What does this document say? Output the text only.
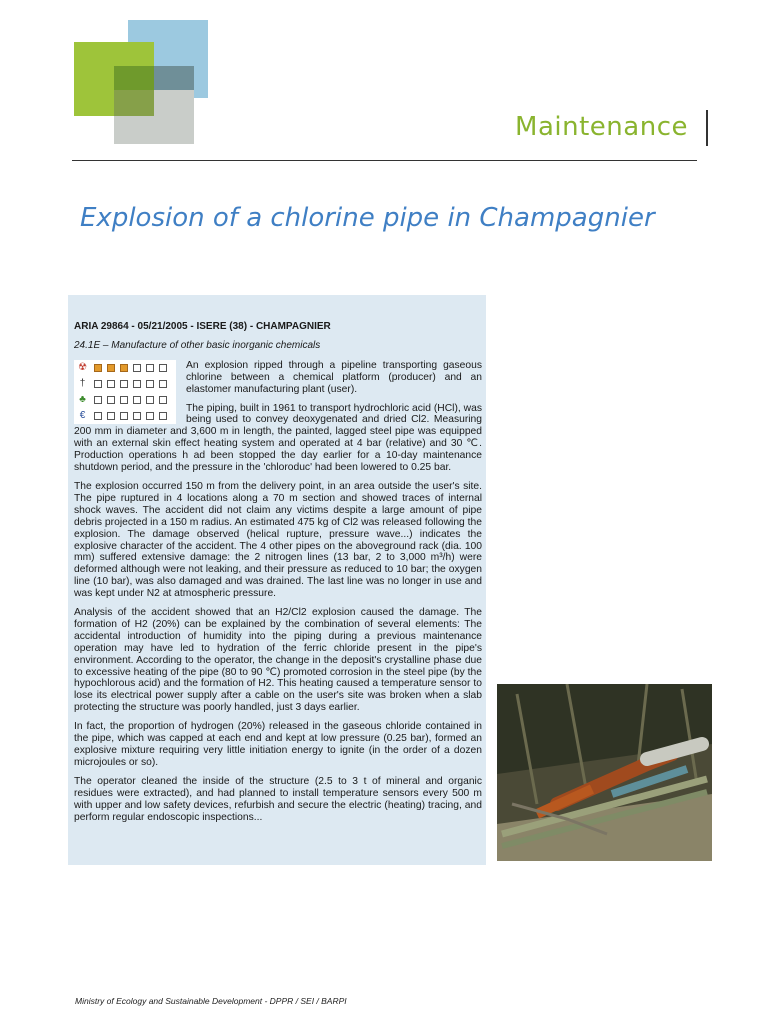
Maintenance
Explosion of a chlorine pipe in Champagnier
ARIA 29864 - 05/21/2005 - ISERE (38) - CHAMPAGNIER
24.1E – Manufacture of other basic inorganic chemicals
☢
†
♣
€

An explosion ripped through a pipeline transporting gaseous chlorine between a chemical platform (producer) and an elastomer manufacturing plant (user).

The piping, built in 1961 to transport hydrochloric acid (HCl), was being used to convey deoxygenated and dried Cl2. Measuring 200 mm in diameter and 3,600 m in length, the painted, lagged steel pipe was equipped with an external skin effect heating system and operated at 4 bar (relative) and 30 ℃. Production operations h ad been stopped the day earlier for a 10-day maintenance shutdown period, and the pressure in the 'chloroduc' had been lowered to 0.25 bar.

The explosion occurred 150 m from the delivery point, in an area outside the user's site. The pipe ruptured in 4 locations along a 70 m section and showed traces of internal shock waves. The accident did not claim any victims despite a large amount of pipe debris projected in a 150 m radius. An estimated 475 kg of Cl2 was released following the explosion. The damage observed (helical rupture, pressure wave...) indicates the explosive character of the accident. The 4 other pipes on the aboveground rack (dia. 100 mm) suffered extensive damage: the 2 nitrogen lines (13 bar, 2 to 3,000 m³/h) were deformed although were not leaking, and their pressure as reduced to 10 bar; the oxygen line (10 bar), was also damaged and was drained. The last line was no longer in use and was kept under N2 at atmospheric pressure.

Analysis of the accident showed that an H2/Cl2 explosion caused the damage. The formation of H2 (20%) can be explained by the combination of several elements: The accidental introduction of humidity into the piping during a previous maintenance operation may have led to hydration of the ferric chloride present in the pipe's environment. According to the operator, the change in the deposit's crystalline phase due to excessive heating of the pipe (80 to 90 ℃) promoted corrosion in the steel pipe (by the hypochlorous acid) and the formation of H2. This heating caused a temperature sensor to lose its electrical power supply after a cable on the user's site was broken when a slab protecting the structure was poorly handled, just 3 days earlier.

In fact, the proportion of hydrogen (20%) released in the gaseous chloride contained in the pipe, which was capped at each end and kept at low pressure (0.25 bar), formed an explosive mixture requiring very little initiation energy to ignite (in the order of a dozen microjoules or so).

The operator cleaned the inside of the structure (2.5 to 3 t of mineral and organic residues were extracted), and had planned to install temperature sensors every 500 m with upper and low safety devices, refurbish and secure the electric (heating) tracing, and perform regular endoscopic inspections...

Ministry of Ecology and Sustainable Development - DPPR / SEI / BARPI
